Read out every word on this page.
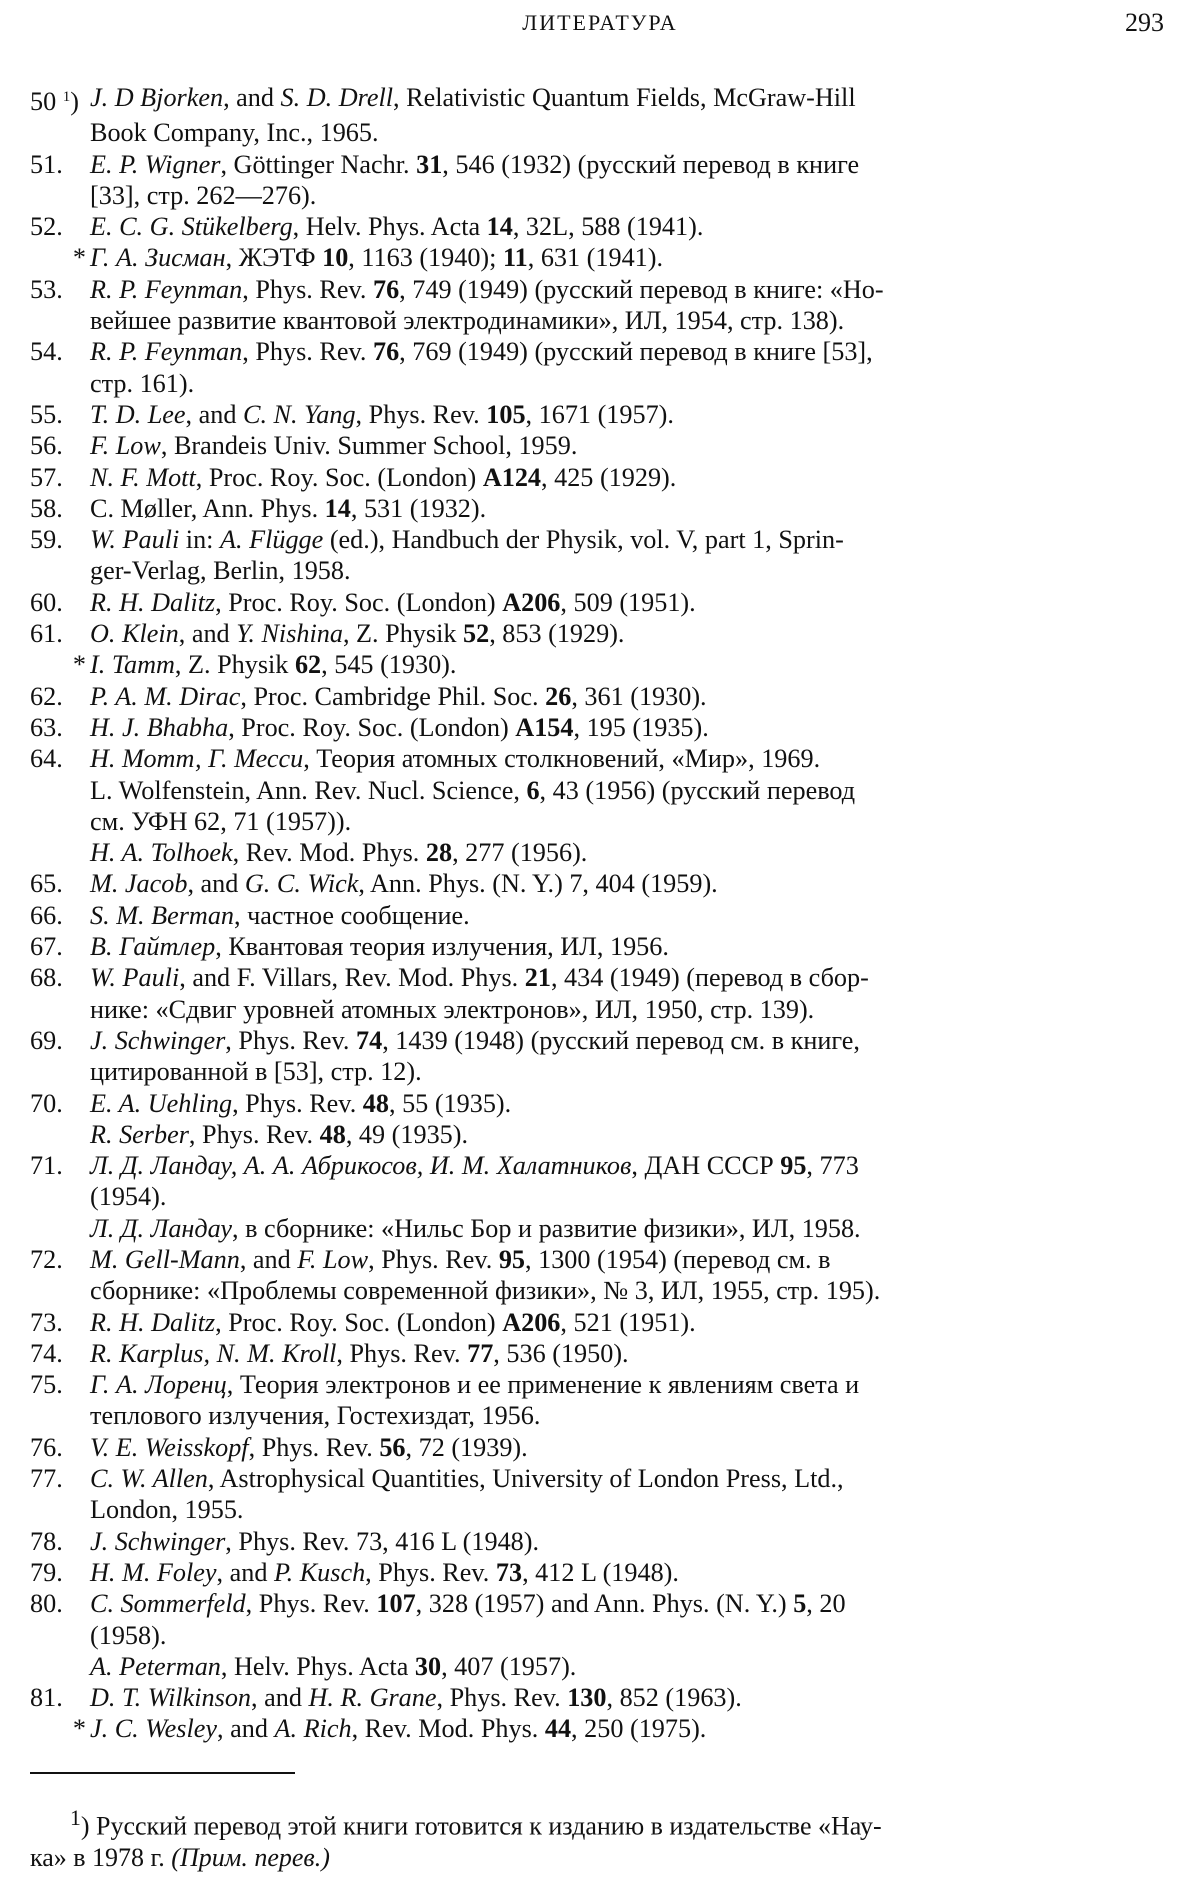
ЛИТЕРАТУРА	293
50 $^1$) J. D Bjorken, and S. D. Drell, Relativistic Quantum Fields, McGraw-Hill
Book Company, Inc., 1965.
51.	E. P. Wigner, Göttinger Nachr. 31, 546 (1932) (русский перевод в книге
[33], стр. 262—276).
52.	E. C. G. Stükelberg, Helv. Phys. Acta 14, 32L, 588 (1941).
* Г. А. Зисман, ЖЭТФ 10, 1163 (1940); 11, 631 (1941).
53.	R. P. Feynman, Phys. Rev. 76, 749 (1949) (русский перевод в книге: «Но-
вейшее развитие квантовой электродинамики», ИЛ, 1954, стр. 138).
54.	R. P. Feynman, Phys. Rev. 76, 769 (1949) (русский перевод в книге [53],
стр. 161).
55.	T. D. Lee, and C. N. Yang, Phys. Rev. 105, 1671 (1957).
56.	F. Low, Brandeis Univ. Summer School, 1959.
57.	N. F. Mott, Proc. Roy. Soc. (London) A124, 425 (1929).
58.	C. Møller, Ann. Phys. 14, 531 (1932).
59.	W. Pauli in: A. Flügge (ed.), Handbuch der Physik, vol. V, part 1, Sprin-
ger-Verlag, Berlin, 1958.
60.	R. H. Dalitz, Proc. Roy. Soc. (London) A206, 509 (1951).
61.	O. Klein, and Y. Nishina, Z. Physik 52, 853 (1929).
* I. Tamm, Z. Physik 62, 545 (1930).
62.	P. A. M. Dirac, Proc. Cambridge Phil. Soc. 26, 361 (1930).
63.	H. J. Bhabha, Proc. Roy. Soc. (London) A154, 195 (1935).
64.	Н. Мотт, Г. Месси, Теория атомных столкновений, «Мир», 1969.
L. Wolfenstein, Ann. Rev. Nucl. Science, 6, 43 (1956) (русский перевод
см. УФН 62, 71 (1957)).
H. A. Tolhoek, Rev. Mod. Phys. 28, 277 (1956).
65.	M. Jacob, and G. C. Wick, Ann. Phys. (N. Y.) 7, 404 (1959).
66.	S. M. Berman, частное сообщение.
67.	В. Гайтлер, Квантовая теория излучения, ИЛ, 1956.
68.	W. Pauli, and F. Villars, Rev. Mod. Phys. 21, 434 (1949) (перевод в сбор-
нике: «Сдвиг уровней атомных электронов», ИЛ, 1950, стр. 139).
69.	J. Schwinger, Phys. Rev. 74, 1439 (1948) (русский перевод см. в книге,
цитированной в [53], стр. 12).
70.	E. A. Uehling, Phys. Rev. 48, 55 (1935).
R. Serber, Phys. Rev. 48, 49 (1935).
71.	Л. Д. Ландау, А. А. Абрикосов, И. М. Халатников, ДАН СССР 95, 773
(1954).
Л. Д. Ландау, в сборнике: «Нильс Бор и развитие физики», ИЛ, 1958.
72.	M. Gell-Mann, and F. Low, Phys. Rev. 95, 1300 (1954) (перевод см. в
сборнике: «Проблемы современной физики», № 3, ИЛ, 1955, стр. 195).
73.	R. H. Dalitz, Proc. Roy. Soc. (London) A206, 521 (1951).
74.	R. Karplus, N. M. Kroll, Phys. Rev. 77, 536 (1950).
75.	Г. А. Лоренц, Теория электронов и ее применение к явлениям света и
теплового излучения, Гостехиздат, 1956.
76.	V. E. Weisskopf, Phys. Rev. 56, 72 (1939).
77.	C. W. Allen, Astrophysical Quantities, University of London Press, Ltd.,
London, 1955.
78.	J. Schwinger, Phys. Rev. 73, 416 L (1948).
79.	H. M. Foley, and P. Kusch, Phys. Rev. 73, 412 L (1948).
80.	C. Sommerfeld, Phys. Rev. 107, 328 (1957) and Ann. Phys. (N. Y.) 5, 20
(1958).
A. Peterman, Helv. Phys. Acta 30, 407 (1957).
81.	D. T. Wilkinson, and H. R. Grane, Phys. Rev. 130, 852 (1963).
* J. C. Wesley, and A. Rich, Rev. Mod. Phys. 44, 250 (1975).
$^1$) Русский перевод этой книги готовится к изданию в издательстве «Нау-
ка» в 1978 г. (Прим. перев.)
